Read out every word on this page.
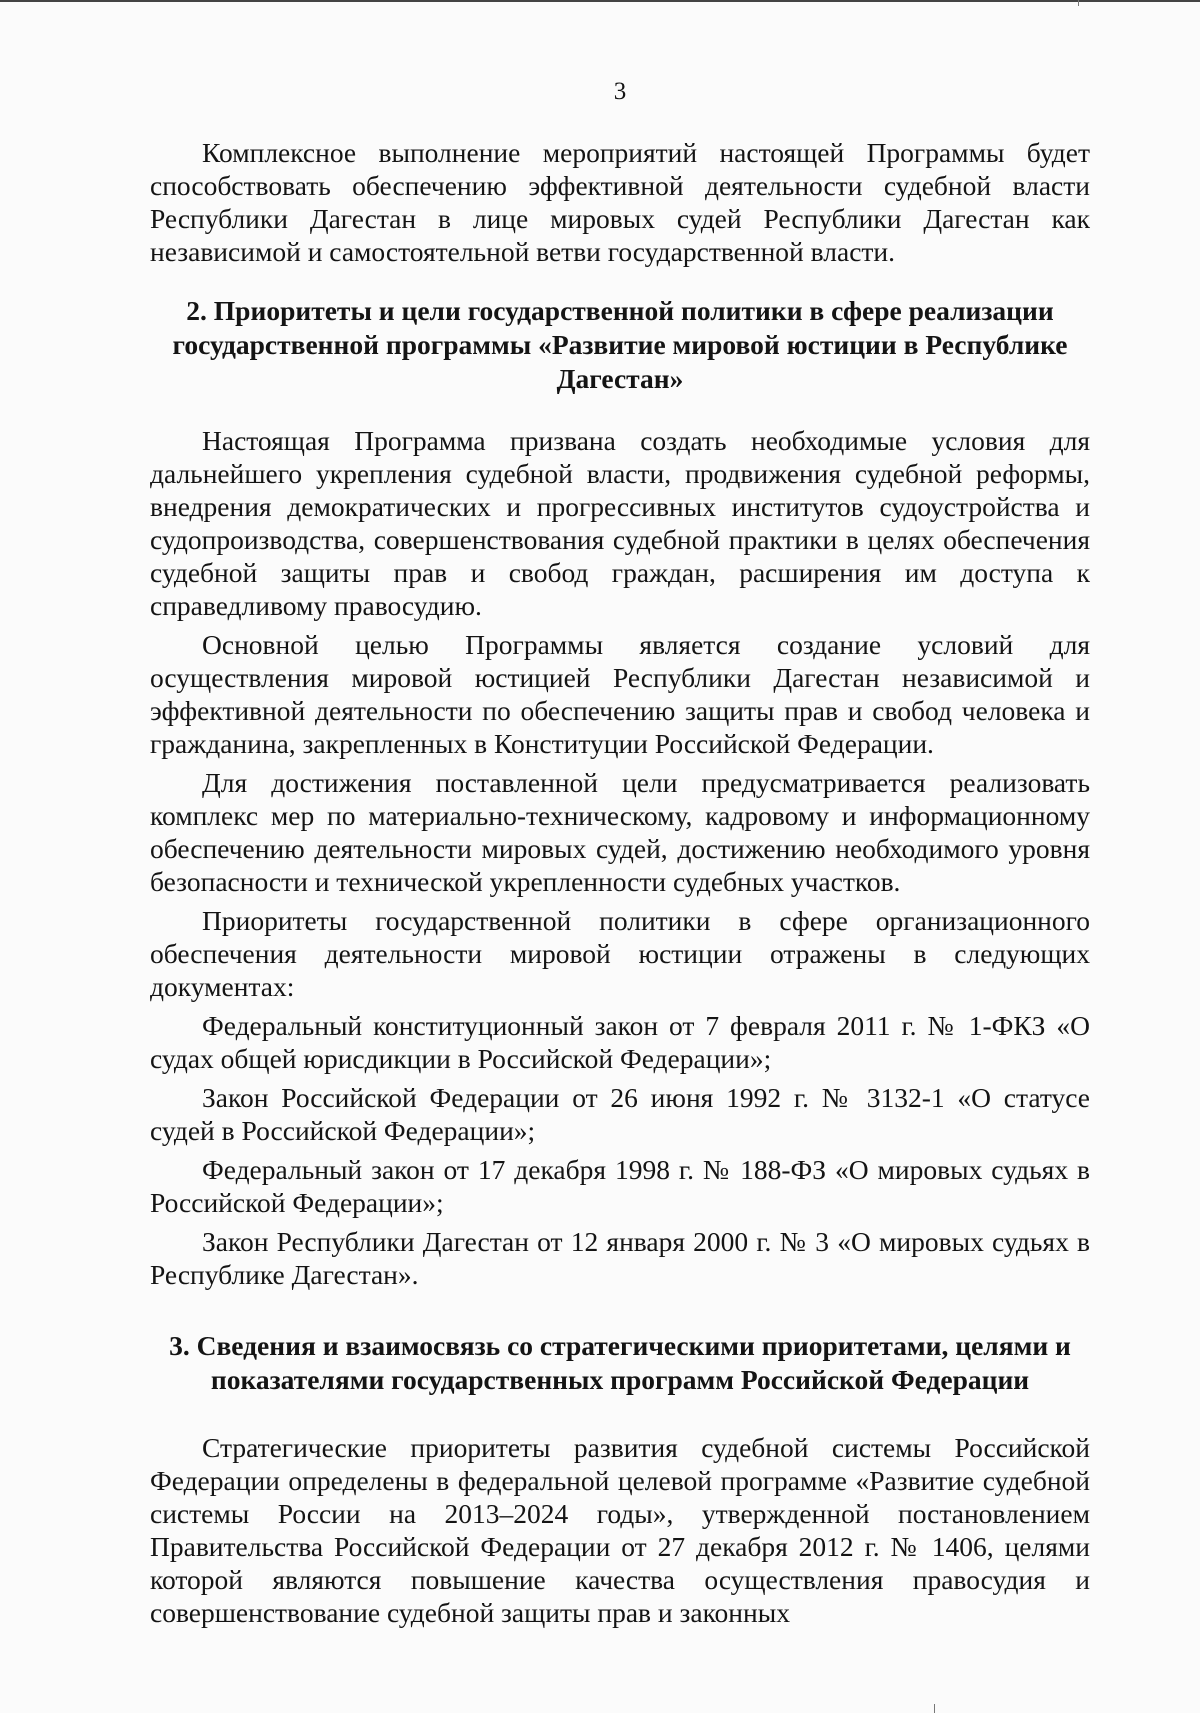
3

Комплексное выполнение мероприятий настоящей Программы будет способствовать обеспечению эффективной деятельности судебной власти Республики Дагестан в лице мировых судей Республики Дагестан как независимой и самостоятельной ветви государственной власти.

2. Приоритеты и цели государственной политики в сфере реализации государственной программы «Развитие мировой юстиции в Республике Дагестан»

Настоящая Программа призвана создать необходимые условия для дальнейшего укрепления судебной власти, продвижения судебной реформы, внедрения демократических и прогрессивных институтов судоустройства и судопроизводства, совершенствования судебной практики в целях обеспечения судебной защиты прав и свобод граждан, расширения им доступа к справедливому правосудию.

Основной целью Программы является создание условий для осуществления мировой юстицией Республики Дагестан независимой и эффективной деятельности по обеспечению защиты прав и свобод человека и гражданина, закрепленных в Конституции Российской Федерации.

Для достижения поставленной цели предусматривается реализовать комплекс мер по материально-техническому, кадровому и информационному обеспечению деятельности мировых судей, достижению необходимого уровня безопасности и технической укрепленности судебных участков.

Приоритеты государственной политики в сфере организационного обеспечения деятельности мировой юстиции отражены в следующих документах:

Федеральный конституционный закон от 7 февраля 2011 г. № 1-ФКЗ «О судах общей юрисдикции в Российской Федерации»;

Закон Российской Федерации от 26 июня 1992 г. № 3132-1 «О статусе судей в Российской Федерации»;

Федеральный закон от 17 декабря 1998 г. № 188-ФЗ «О мировых судьях в Российской Федерации»;

Закон Республики Дагестан от 12 января 2000 г. № 3 «О мировых судьях в Республике Дагестан».

3. Сведения и взаимосвязь со стратегическими приоритетами, целями и показателями государственных программ Российской Федерации

Стратегические приоритеты развития судебной системы Российской Федерации определены в федеральной целевой программе «Развитие судебной системы России на 2013–2024 годы», утвержденной постановлением Правительства Российской Федерации от 27 декабря 2012 г. № 1406, целями которой являются повышение качества осуществления правосудия и совершенствование судебной защиты прав и законных
